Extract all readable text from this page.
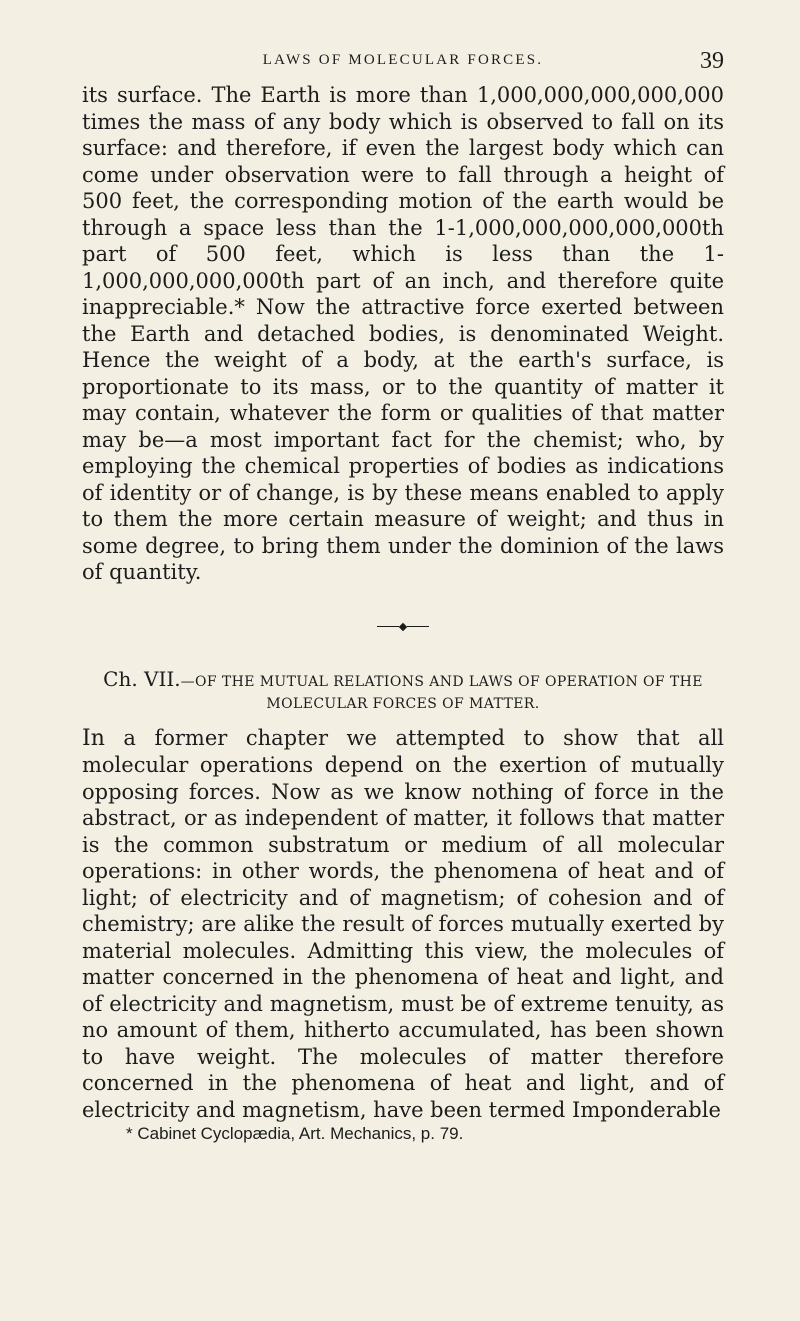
LAWS OF MOLECULAR FORCES.	39

its surface. The Earth is more than 1,000,000,000,000,000 times the mass of any body which is observed to fall on its surface: and therefore, if even the largest body which can come under observation were to fall through a height of 500 feet, the corresponding motion of the earth would be through a space less than the 1-1,000,000,000,000,000th part of 500 feet, which is less than the 1-1,000,000,000,000th part of an inch, and therefore quite inappreciable.* Now the attractive force exerted between the Earth and detached bodies, is denominated Weight. Hence the weight of a body, at the earth's surface, is proportionate to its mass, or to the quantity of matter it may contain, whatever the form or qualities of that matter may be—a most important fact for the chemist; who, by employing the chemical properties of bodies as indications of identity or of change, is by these means enabled to apply to them the more certain measure of weight; and thus in some degree, to bring them under the dominion of the laws of quantity.

Ch. VII.—OF THE MUTUAL RELATIONS AND LAWS OF OPERATION OF THE MOLECULAR FORCES OF MATTER.

In a former chapter we attempted to show that all molecular operations depend on the exertion of mutually opposing forces. Now as we know nothing of force in the abstract, or as independent of matter, it follows that matter is the common substratum or medium of all molecular operations: in other words, the phenomena of heat and of light; of electricity and of magnetism; of cohesion and of chemistry; are alike the result of forces mutually exerted by material molecules. Admitting this view, the molecules of matter concerned in the phenomena of heat and light, and of electricity and magnetism, must be of extreme tenuity, as no amount of them, hitherto accumulated, has been shown to have weight. The molecules of matter therefore concerned in the phenomena of heat and light, and of electricity and magnetism, have been termed Imponderable

* Cabinet Cyclopædia, Art. Mechanics, p. 79.
